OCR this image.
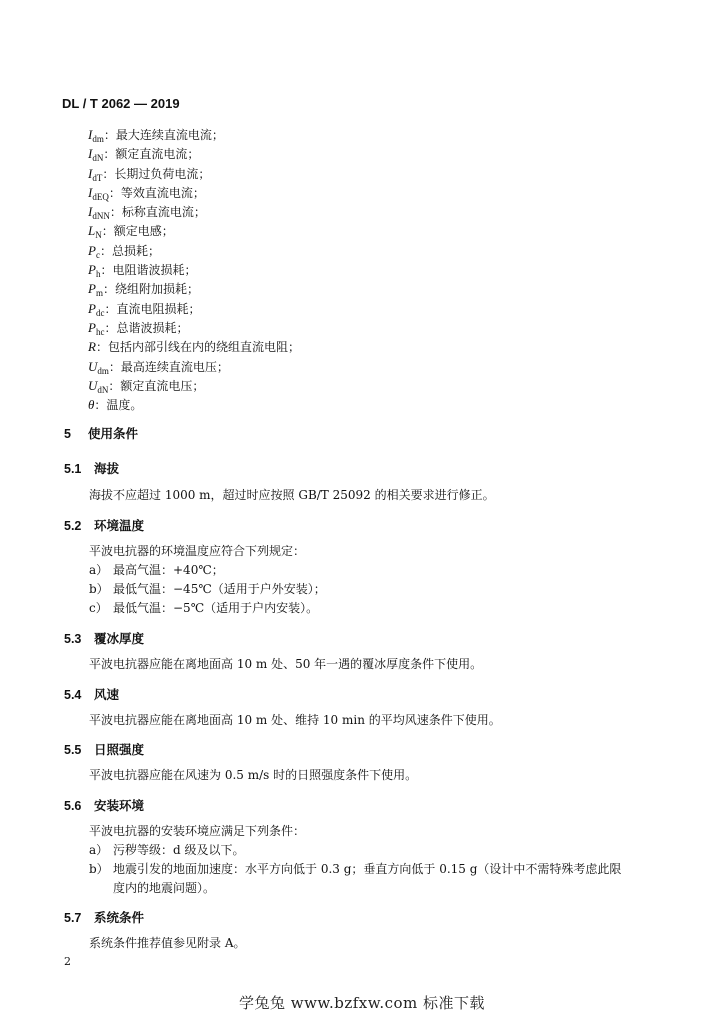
DL / T 2062 — 2019
$I_{dm}$：最大连续直流电流；
$I_{dN}$：额定直流电流；
$I_{dT}$：长期过负荷电流；
$I_{dEQ}$：等效直流电流；
$I_{dNN}$：标称直流电流；
$L_N$：额定电感；
$P_c$：总损耗；
$P_h$：电阻谐波损耗；
$P_m$：绕组附加损耗；
$P_{dc}$：直流电阻损耗；
$P_{hc}$：总谐波损耗；
R：包括内部引线在内的绕组直流电阻；
$U_{dm}$：最高连续直流电压；
$U_{dN}$：额定直流电压；
θ：温度。
5 使用条件
5.1 海拔
海拔不应超过 1000 m，超过时应按照 GB/T 25092 的相关要求进行修正。
5.2 环境温度
平波电抗器的环境温度应符合下列规定：
a） 最高气温：+40℃；
b） 最低气温：−45℃（适用于户外安装）；
c） 最低气温：−5℃（适用于户内安装）。
5.3 覆冰厚度
平波电抗器应能在离地面高 10 m 处、50 年一遇的覆冰厚度条件下使用。
5.4 风速
平波电抗器应能在离地面高 10 m 处、维持 10 min 的平均风速条件下使用。
5.5 日照强度
平波电抗器应能在风速为 0.5 m/s 时的日照强度条件下使用。
5.6 安装环境
平波电抗器的安装环境应满足下列条件：
a） 污秽等级：d 级及以下。
b） 地震引发的地面加速度：水平方向低于 0.3 g；垂直方向低于 0.15 g（设计中不需特殊考虑此限
度内的地震问题）。
5.7 系统条件
系统条件推荐值参见附录 A。
2
学兔兔 www.bzfxw.com 标准下载
